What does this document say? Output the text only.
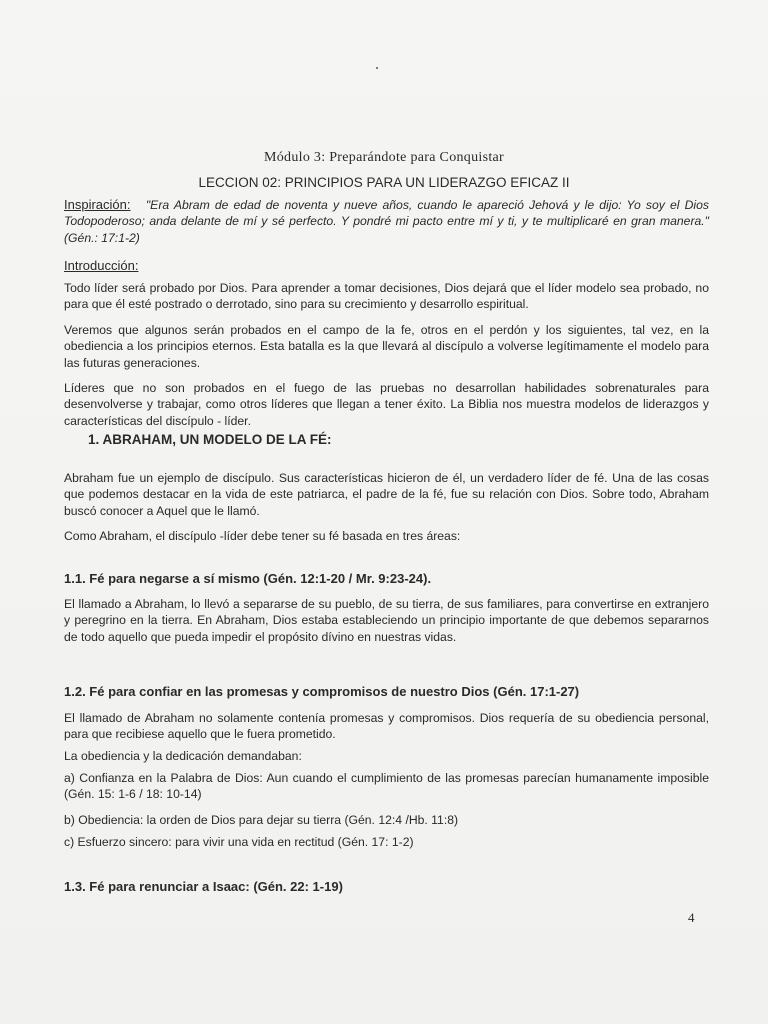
Módulo 3: Preparándote para Conquistar
LECCION 02: PRINCIPIOS PARA UN LIDERAZGO EFICAZ II

Inspiración: "Era Abram de edad de noventa y nueve años, cuando le apareció Jehová y le dijo: Yo soy el Dios Todopoderoso; anda delante de mí y sé perfecto. Y pondré mi pacto entre mí y ti, y te multiplicaré en gran manera." (Gén.: 17:1-2)

Introducción:

Todo líder será probado por Dios. Para aprender a tomar decisiones, Dios dejará que el líder modelo sea probado, no para que él esté postrado o derrotado, sino para su crecimiento y desarrollo espiritual.

Veremos que algunos serán probados en el campo de la fe, otros en el perdón y los siguientes, tal vez, en la obediencia a los principios eternos. Esta batalla es la que llevará al discípulo a volverse legítimamente el modelo para las futuras generaciones.

Líderes que no son probados en el fuego de las pruebas no desarrollan habilidades sobrenaturales para desenvolverse y trabajar, como otros líderes que llegan a tener éxito. La Biblia nos muestra modelos de liderazgos y características del discípulo - líder.

1. ABRAHAM, UN MODELO DE LA FÉ:

Abraham fue un ejemplo de discípulo. Sus características hicieron de él, un verdadero líder de fé. Una de las cosas que podemos destacar en la vida de este patriarca, el padre de la fé, fue su relación con Dios. Sobre todo, Abraham buscó conocer a Aquel que le llamó.

Como Abraham, el discípulo -líder debe tener su fé basada en tres áreas:

1.1. Fé para negarse a sí mismo (Gén. 12:1-20 / Mr. 9:23-24).

El llamado a Abraham, lo llevó a separarse de su pueblo, de su tierra, de sus familiares, para convertirse en extranjero y peregrino en la tierra. En Abraham, Dios estaba estableciendo un principio importante de que debemos separarnos de todo aquello que pueda impedir el propósito dívino en nuestras vidas.

1.2. Fé para confiar en las promesas y compromisos de nuestro Dios (Gén. 17:1-27)

El llamado de Abraham no solamente contenía promesas y compromisos. Dios requería de su obediencia personal, para que recibiese aquello que le fuera prometido.

La obediencia y la dedicación demandaban:

a) Confianza en la Palabra de Dios: Aun cuando el cumplimiento de las promesas parecían humanamente imposible (Gén. 15: 1-6 / 18: 10-14)

b) Obediencia: la orden de Dios para dejar su tierra (Gén. 12:4 /Hb. 11:8)

c) Esfuerzo sincero: para vivir una vida en rectitud (Gén. 17: 1-2)

1.3. Fé para renunciar a Isaac: (Gén. 22: 1-19)
4
